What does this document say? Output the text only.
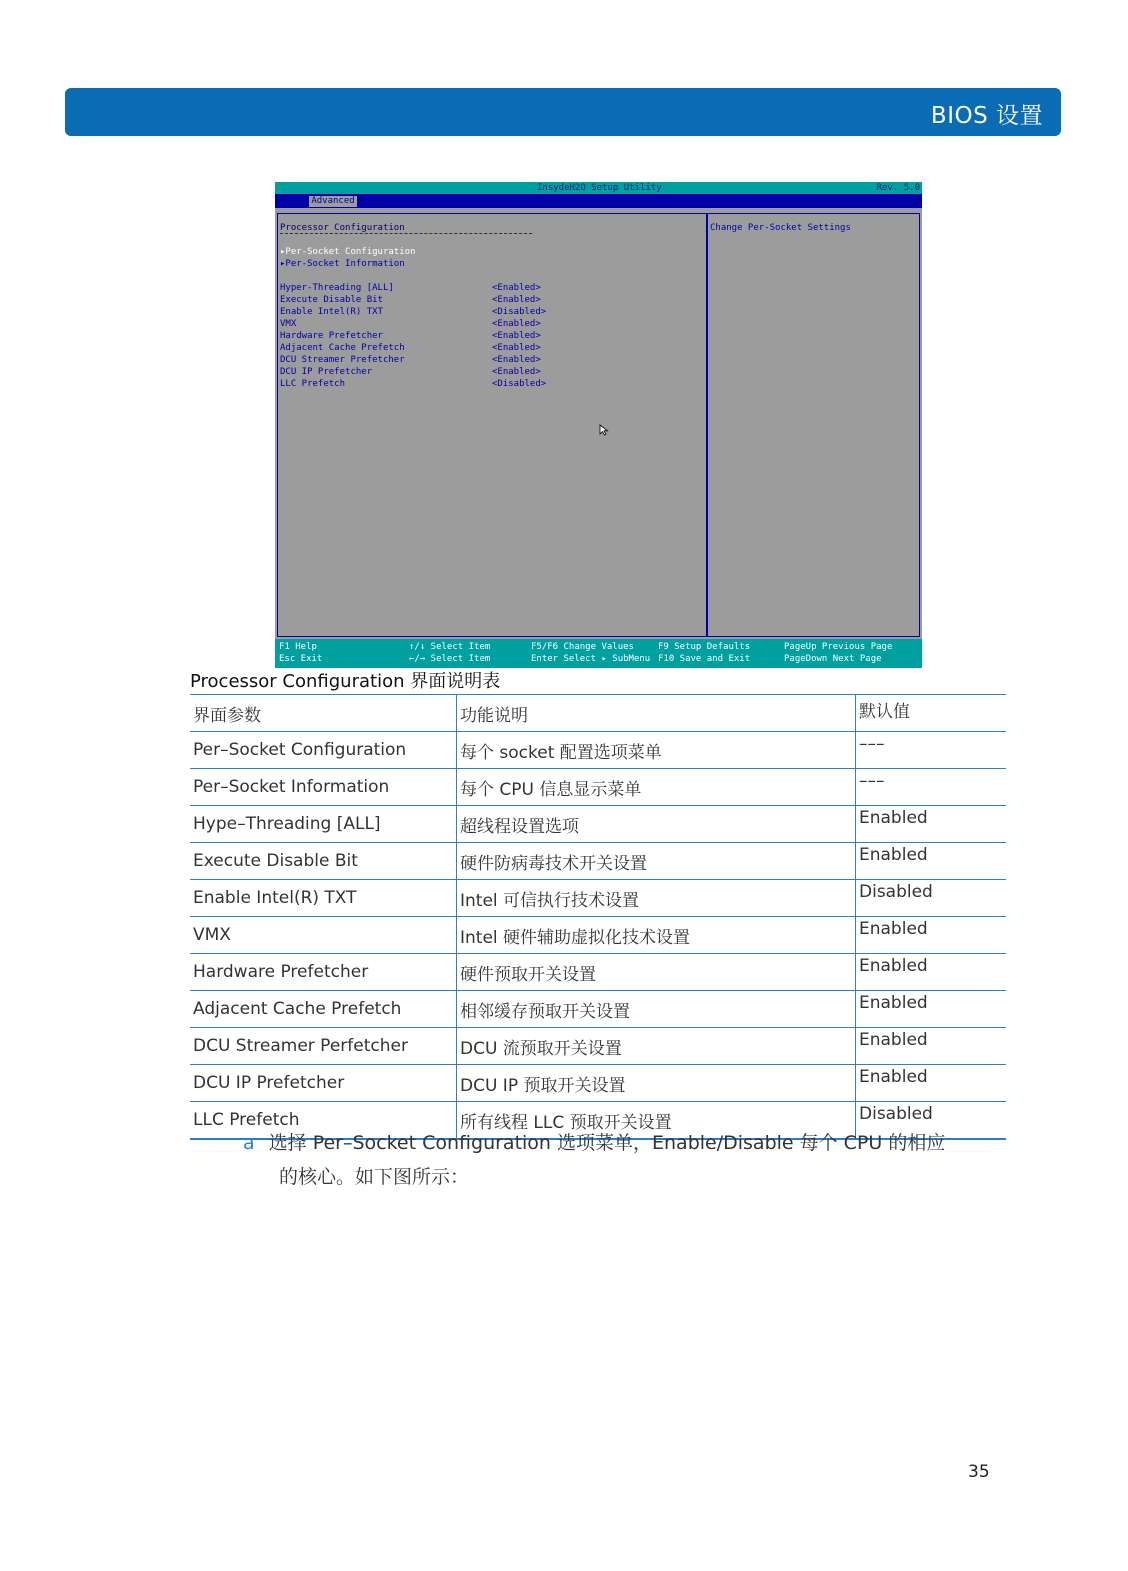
BIOS 设置
InsydeH2O Setup Utility	Rev. 5.0
Advanced
Processor Configuration
▸Per-Socket Configuration
▸Per-Socket Information
Hyper-Threading [ALL]	<Enabled>
Execute Disable Bit	<Enabled>
Enable Intel(R) TXT	<Disabled>
VMX	<Enabled>
Hardware Prefetcher	<Enabled>
Adjacent Cache Prefetch	<Enabled>
DCU Streamer Prefetcher	<Enabled>
DCU IP Prefetcher	<Enabled>
LLC Prefetch	<Disabled>
Change Per-Socket Settings
F1 Help
Esc Exit
↑/↓ Select Item
←/→ Select Item
F5/F6 Change Values
Enter Select ▸ SubMenu
F9 Setup Defaults
F10 Save and Exit
PageUp Previous Page
PageDown Next Page
Processor Configuration 界面说明表
界面参数	功能说明	默认值
Per–Socket Configuration	每个 socket 配置选项菜单	–––
Per–Socket Information	每个 CPU 信息显示菜单	–––
Hype–Threading [ALL]	超线程设置选项	Enabled
Execute Disable Bit	硬件防病毒技术开关设置	Enabled
Enable Intel(R) TXT	Intel 可信执行技术设置	Disabled
VMX	Intel 硬件辅助虚拟化技术设置	Enabled
Hardware Prefetcher	硬件预取开关设置	Enabled
Adjacent Cache Prefetch	相邻缓存预取开关设置	Enabled
DCU Streamer Perfetcher	DCU 流预取开关设置	Enabled
DCU IP Prefetcher	DCU IP 预取开关设置	Enabled
LLC Prefetch	所有线程 LLC 预取开关设置	Disabled
a 选择 Per–Socket Configuration 选项菜单，Enable/Disable 每个 CPU 的相应
的核心。如下图所示：
35
